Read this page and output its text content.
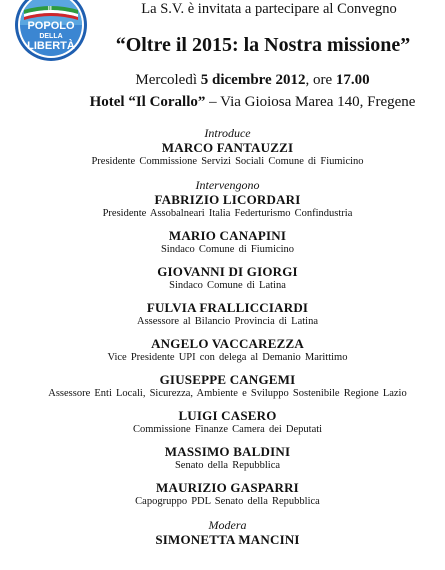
IL
POPOLO
DELLA
LIBERTÀ
La S.V. è invitata a partecipare al Convegno
“Oltre il 2015: la Nostra missione”
Mercoledì 5 dicembre 2012, ore 17.00
Hotel “Il Corallo” – Via Gioiosa Marea 140, Fregene

Introduce

MARCO FANTAUZZI
Presidente Commissione Servizi Sociali Comune di Fiumicino

Intervengono

FABRIZIO LICORDARI
Presidente Assobalneari Italia Federturismo Confindustria
MARIO CANAPINI
Sindaco Comune di Fiumicino
GIOVANNI DI GIORGI
Sindaco Comune di Latina
FULVIA FRALLICCIARDI
Assessore al Bilancio Provincia di Latina
ANGELO VACCAREZZA
Vice Presidente UPI con delega al Demanio Marittimo
GIUSEPPE CANGEMI
Assessore Enti Locali, Sicurezza, Ambiente e Sviluppo Sostenibile Regione Lazio
LUIGI CASERO
Commissione Finanze Camera dei Deputati
MASSIMO BALDINI
Senato della Repubblica
MAURIZIO GASPARRI
Capogruppo PDL Senato della Repubblica

Modera

SIMONETTA MANCINI
